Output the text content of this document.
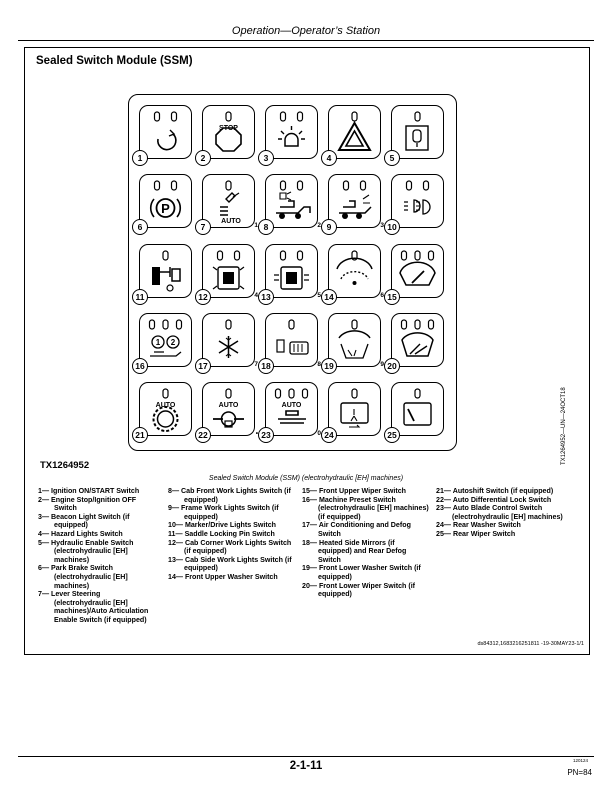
Operation—Operator’s Station
Sealed Switch Module (SSM)
1
STOP
2	3	4	5
P
6
AUTO
7	1 8	2 9	3 10
11	12	4 13	5 14	6 15
1 2
16	17	7 18	8 19	9 20
AUTO
21
AUTO
22	•
AUTO
23	0 24	25	TX1264952—UN—24OCT18
TX1264952
Sealed Switch Module (SSM) (electrohydraulic [EH] machines)
1— Ignition ON/START Switch
2— Engine Stop/Ignition OFF Switch
3— Beacon Light Switch (if equipped)
4— Hazard Lights Switch
5— Hydraulic Enable Switch (electrohydraulic [EH] machines)
6— Park Brake Switch (electrohydraulic [EH] machines)
7— Lever Steering (electrohydraulic [EH] machines)/Auto Articulation Enable Switch (if equipped)
8— Cab Front Work Lights Switch (if equipped)
9— Frame Work Lights Switch (if equipped)
10— Marker/Drive Lights Switch
11— Saddle Locking Pin Switch
12— Cab Corner Work Lights Switch (if equipped)
13— Cab Side Work Lights Switch (if equipped)
14— Front Upper Washer Switch
15— Front Upper Wiper Switch
16— Machine Preset Switch (electrohydraulic [EH] machines) (if equipped)
17— Air Conditioning and Defog Switch
18— Heated Side Mirrors (if equipped) and Rear Defog Switch
19— Front Lower Washer Switch (if equipped)
20— Front Lower Wiper Switch (if equipped)
21— Autoshift Switch (if equipped)
22— Auto Differential Lock Switch
23— Auto Blade Control Switch (electrohydraulic [EH] machines)
24— Rear Washer Switch
25— Rear Wiper Switch
ds84312,1683216251811 -19-30MAY23-1/1
2-1-11	120124
PN=84
